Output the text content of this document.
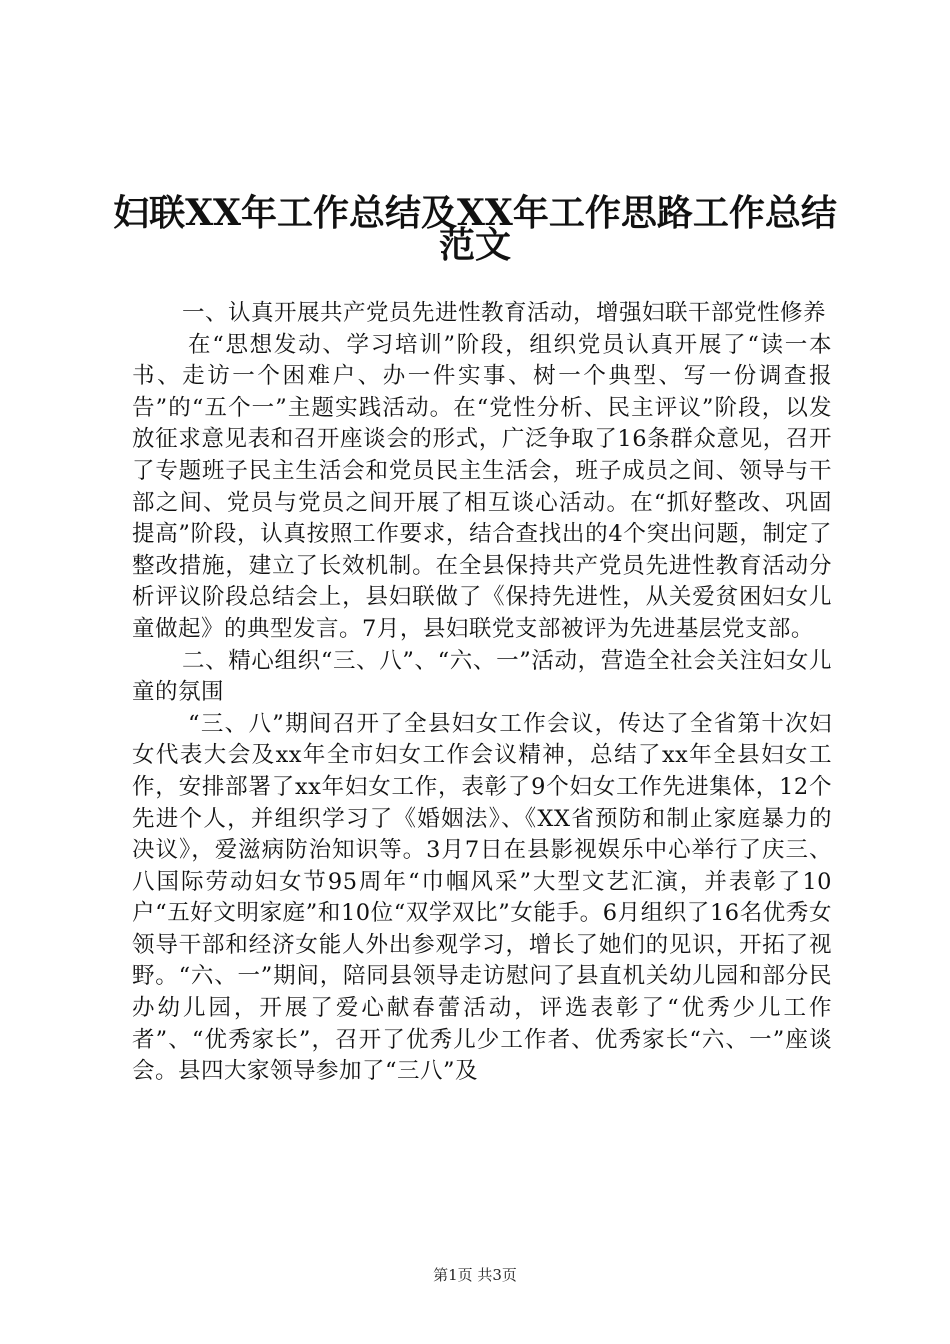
妇联XX年工作总结及XX年工作思路工作总结
范文

一、认真开展共产党员先进性教育活动，增强妇联干部党性修养

在“思想发动、学习培训”阶段，组织党员认真开展了“读一本书、走访一个困难户、办一件实事、树一个典型、写一份调查报告”的“五个一”主题实践活动。在“党性分析、民主评议”阶段，以发放征求意见表和召开座谈会的形式，广泛争取了16条群众意见，召开了专题班子民主生活会和党员民主生活会，班子成员之间、领导与干部之间、党员与党员之间开展了相互谈心活动。在“抓好整改、巩固提高”阶段，认真按照工作要求，结合查找出的4个突出问题，制定了整改措施，建立了长效机制。在全县保持共产党员先进性教育活动分析评议阶段总结会上，县妇联做了《保持先进性，从关爱贫困妇女儿童做起》的典型发言。7月，县妇联党支部被评为先进基层党支部。

二、精心组织“三、八”、“六、一”活动，营造全社会关注妇女儿童的氛围

“三、八”期间召开了全县妇女工作会议，传达了全省第十次妇女代表大会及xx年全市妇女工作会议精神，总结了xx年全县妇女工作，安排部署了xx年妇女工作，表彰了9个妇女工作先进集体，12个先进个人，并组织学习了《婚姻法》、《XX省预防和制止家庭暴力的决议》，爱滋病防治知识等。3月7日在县影视娱乐中心举行了庆三、八国际劳动妇女节95周年“巾帼风采”大型文艺汇演，并表彰了10户“五好文明家庭”和10位“双学双比”女能手。6月组织了16名优秀女领导干部和经济女能人外出参观学习，增长了她们的见识，开拓了视野。“六、一”期间，陪同县领导走访慰问了县直机关幼儿园和部分民办幼儿园，开展了爱心献春蕾活动，评选表彰了“优秀少儿工作者”、“优秀家长”，召开了优秀儿少工作者、优秀家长“六、一”座谈会。县四大家领导参加了“三八”及

第1页 共3页
